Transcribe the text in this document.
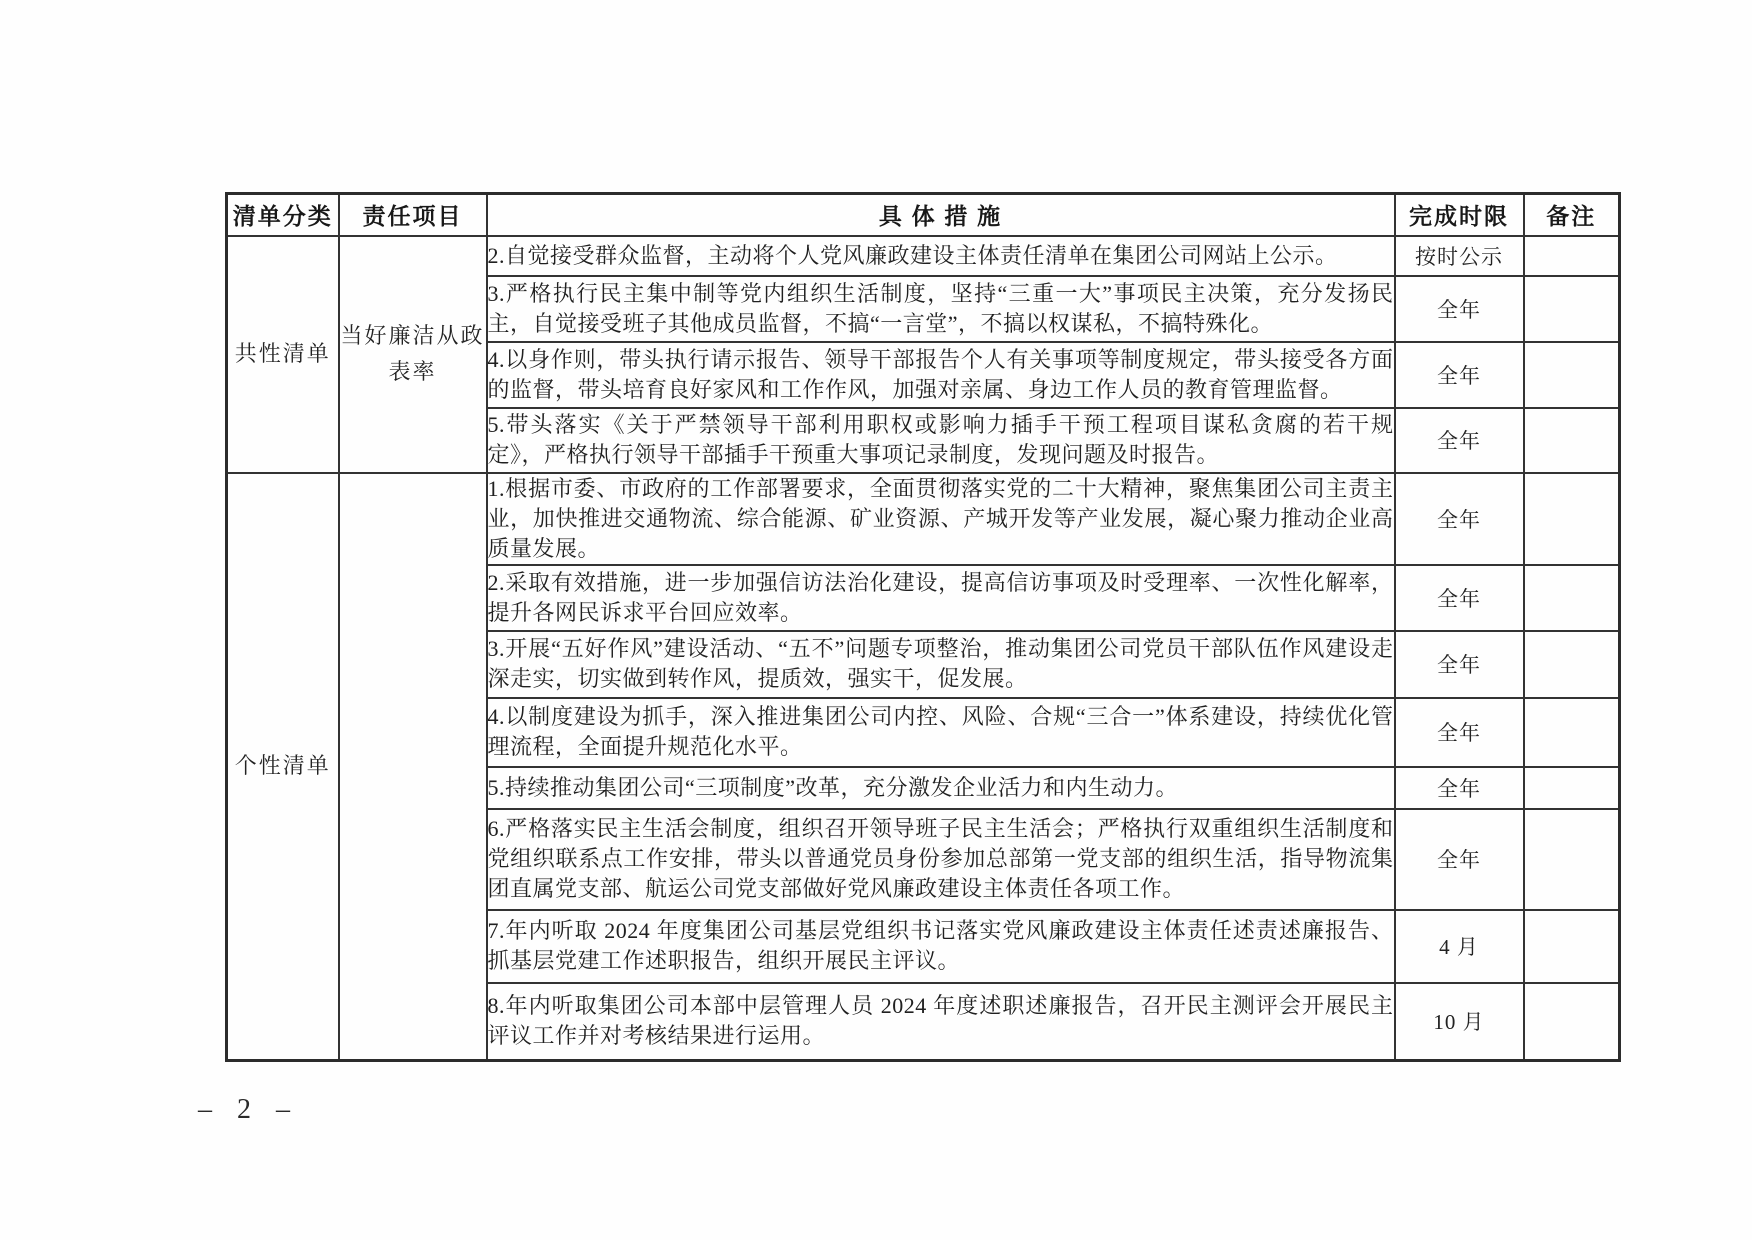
清单分类	责任项目	具 体 措 施	完成时限	备注
共性清单	当好廉洁从政表率	2.自觉接受群众监督，主动将个人党风廉政建设主体责任清单在集团公司网站上公示。	按时公示	
		3.严格执行民主集中制等党内组织生活制度，坚持“三重一大”事项民主决策，充分发扬民主，自觉接受班子其他成员监督，不搞“一言堂”，不搞以权谋私，不搞特殊化。	全年	
		4.以身作则，带头执行请示报告、领导干部报告个人有关事项等制度规定，带头接受各方面的监督，带头培育良好家风和工作作风，加强对亲属、身边工作人员的教育管理监督。	全年	
		5.带头落实《关于严禁领导干部利用职权或影响力插手干预工程项目谋私贪腐的若干规定》，严格执行领导干部插手干预重大事项记录制度，发现问题及时报告。	全年	
个性清单		1.根据市委、市政府的工作部署要求，全面贯彻落实党的二十大精神，聚焦集团公司主责主业，加快推进交通物流、综合能源、矿业资源、产城开发等产业发展，凝心聚力推动企业高质量发展。	全年	
		2.采取有效措施，进一步加强信访法治化建设，提高信访事项及时受理率、一次性化解率，提升各网民诉求平台回应效率。	全年	
		3.开展“五好作风”建设活动、“五不”问题专项整治，推动集团公司党员干部队伍作风建设走深走实，切实做到转作风，提质效，强实干，促发展。	全年	
		4.以制度建设为抓手，深入推进集团公司内控、风险、合规“三合一”体系建设，持续优化管理流程，全面提升规范化水平。	全年	
		5.持续推动集团公司“三项制度”改革，充分激发企业活力和内生动力。	全年	
		6.严格落实民主生活会制度，组织召开领导班子民主生活会；严格执行双重组织生活制度和党组织联系点工作安排，带头以普通党员身份参加总部第一党支部的组织生活，指导物流集团直属党支部、航运公司党支部做好党风廉政建设主体责任各项工作。	全年	
		7.年内听取 2024 年度集团公司基层党组织书记落实党风廉政建设主体责任述责述廉报告、抓基层党建工作述职报告，组织开展民主评议。	4 月	
		8.年内听取集团公司本部中层管理人员 2024 年度述职述廉报告，召开民主测评会开展民主评议工作并对考核结果进行运用。	10 月	
– 2 –
